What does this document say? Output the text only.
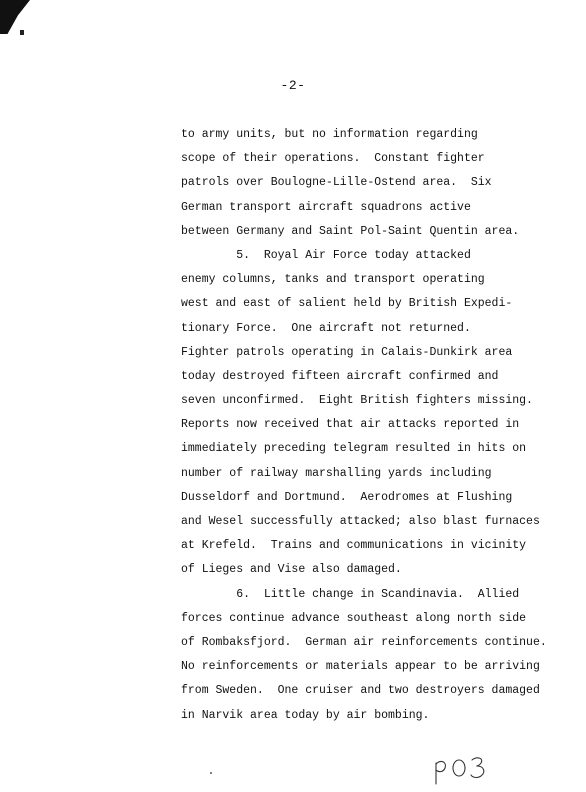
-2-
to army units, but no information regarding
scope of their operations.  Constant fighter
patrols over Boulogne-Lille-Ostend area.  Six
German transport aircraft squadrons active
between Germany and Saint Pol-Saint Quentin area.
5.  Royal Air Force today attacked
enemy columns, tanks and transport operating
west and east of salient held by British Expedi-
tionary Force.  One aircraft not returned.
Fighter patrols operating in Calais-Dunkirk area
today destroyed fifteen aircraft confirmed and
seven unconfirmed.  Eight British fighters missing.
Reports now received that air attacks reported in
immediately preceding telegram resulted in hits on
number of railway marshalling yards including
Dusseldorf and Dortmund.  Aerodromes at Flushing
and Wesel successfully attacked; also blast furnaces
at Krefeld.  Trains and communications in vicinity
of Lieges and Vise also damaged.
6.  Little change in Scandinavia.  Allied
forces continue advance southeast along north side
of Rombaksfjord.  German air reinforcements continue.
No reinforcements or materials appear to be arriving
from Sweden.  One cruiser and two destroyers damaged
in Narvik area today by air bombing.
